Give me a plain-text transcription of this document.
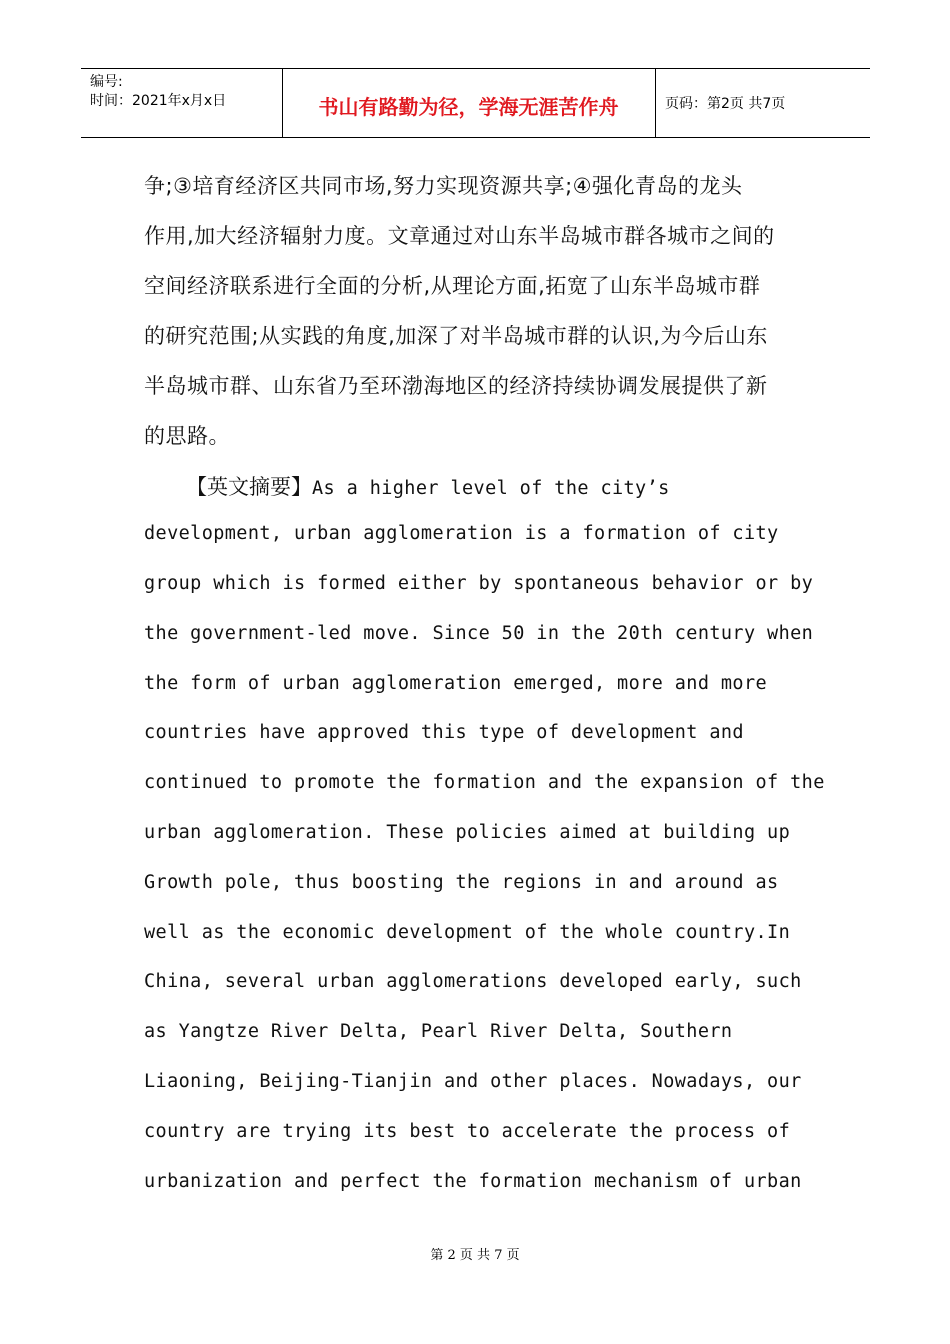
编号:
时间：2021年x月x日	书山有路勤为径，学海无涯苦作舟	页码：第2页 共7页
争;③培育经济区共同市场,努力实现资源共享;④强化青岛的龙头
作用,加大经济辐射力度。文章通过对山东半岛城市群各城市之间的
空间经济联系进行全面的分析,从理论方面,拓宽了山东半岛城市群
的研究范围;从实践的角度,加深了对半岛城市群的认识,为今后山东
半岛城市群、山东省乃至环渤海地区的经济持续协调发展提供了新
的思路。
【英文摘要】As a higher level of the city’s
development, urban agglomeration is a formation of city
group which is formed either by spontaneous behavior or by
the government-led move. Since 50 in the 20th century when
the form of urban agglomeration emerged, more and more
countries have approved this type of development and
continued to promote the formation and the expansion of the
urban agglomeration. These policies aimed at building up
Growth pole, thus boosting the regions in and around as
well as the economic development of the whole country.In
China, several urban agglomerations developed early, such
as Yangtze River Delta, Pearl River Delta, Southern
Liaoning, Beijing-Tianjin and other places. Nowadays, our
country are trying its best to accelerate the process of
urbanization and perfect the formation mechanism of urban
第 2 页 共 7 页
